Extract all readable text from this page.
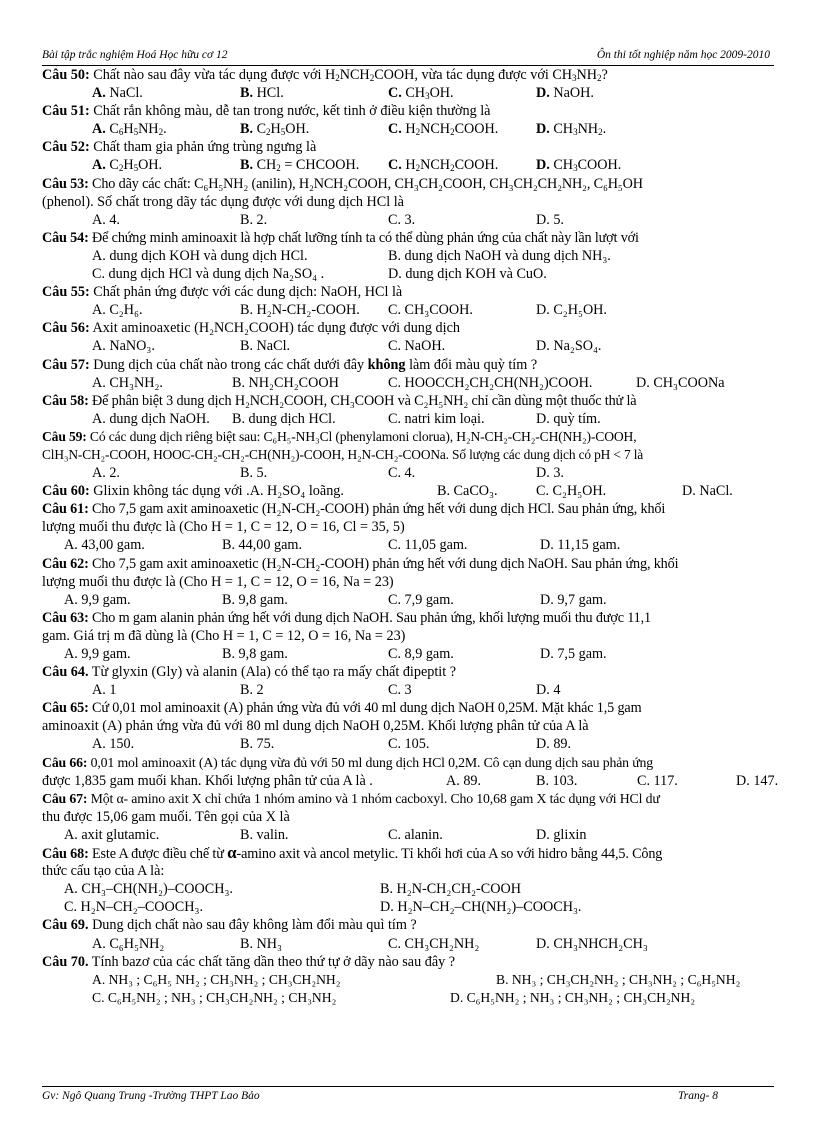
Bài tập trắc nghiệm Hoá Học hữu cơ 12	Ôn thi tốt nghiệp năm học 2009-2010
Câu 50: Chất nào sau đây vừa tác dụng được với $H_2NCH_2COOH$, vừa tác dụng được với $CH_3NH_2$?
A. NaCl.	B. HCl.	C. $CH_3OH$.	D. NaOH.
Câu 51: Chất rắn không màu, dễ tan trong nước, kết tinh ở điều kiện thường là
A. $C_6H_5NH_2$.	B. $C_2H_5OH$.	C. $H_2NCH_2COOH$.	D. $CH_3NH_2$.
Câu 52: Chất tham gia phản ứng trùng ngưng là
A. $C_2H_5OH$.	B. $CH_2$ = CHCOOH. C. $H_2NCH_2COOH$.	D. $CH_3COOH$.
Câu 53: Cho dãy các chất: C₆H₅NH₂ (anilin), H₂NCH₂COOH, CH₃CH₂COOH, CH₃CH₂CH₂NH₂, C₆H₅OH
(phenol). Số chất trong dãy tác dụng được với dung dịch HCl là
A. 4.	B. 2.	C. 3.	D. 5.
Câu 54: Để chứng minh aminoaxit là hợp chất lưỡng tính ta có thể dùng phản ứng của chất này lần lượt với
A. dung dịch KOH và dung dịch HCl.	B. dung dịch NaOH và dung dịch NH₃.
C. dung dịch HCl và dung dịch Na₂SO₄ .	D. dung dịch KOH và CuO.
Câu 55: Chất phản ứng được với các dung dịch: NaOH, HCl là
A. C₂H₆.	B. H₂N-CH₂-COOH. C. CH₃COOH.	D. C₂H₅OH.
Câu 56: Axit aminoaxetic (H₂NCH₂COOH) tác dụng được với dung dịch
A. NaNO₃.	B. NaCl.	C. NaOH.	D. Na₂SO₄.
Câu 57: Dung dịch của chất nào trong các chất dưới đây không làm đổi màu quỳ tím ?
A. CH₃NH₂.	B. NH₂CH₂COOH	C. HOOCCH₂CH₂CH(NH₂)COOH.	D. CH₃COONa
Câu 58: Để phân biệt 3 dung dịch H₂NCH₂COOH, CH₃COOH và C₂H₅NH₂ chỉ cần dùng một thuốc thử là
A. dung dịch NaOH. B. dung dịch HCl.	C. natri kim loại.	D. quỳ tím.
Câu 59: Có các dung dịch riêng biệt sau: C₆H₅-NH₃Cl (phenylamoni clorua), H₂N-CH₂-CH₂-CH(NH₂)-COOH,
ClH₃N-CH₂-COOH, HOOC-CH₂-CH₂-CH(NH₂)-COOH, H₂N-CH₂-COONa. Số lượng các dung dịch có pH < 7 là
A. 2.	B. 5.	C. 4.	D. 3.
Câu 60: Glixin không tác dụng với .A. H₂SO₄ loãng.	B. CaCO₃.	C. C₂H₅OH.	D. NaCl.
Câu 61: Cho 7,5 gam axit aminoaxetic (H₂N-CH₂-COOH) phản ứng hết với dung dịch HCl. Sau phản ứng, khối
lượng muối thu được là (Cho H = 1, C = 12, O = 16, Cl = 35, 5)
A. 43,00 gam.	B. 44,00 gam.	C. 11,05 gam.	D. 11,15 gam.
Câu 62: Cho 7,5 gam axit aminoaxetic (H₂N-CH₂-COOH) phản ứng hết với dung dịch NaOH. Sau phản ứng, khối
lượng muối thu được là (Cho H = 1, C = 12, O = 16, Na = 23)
A. 9,9 gam.	B. 9,8 gam.	C. 7,9 gam.	D. 9,7 gam.
Câu 63: Cho m gam alanin phản ứng hết với dung dịch NaOH. Sau phản ứng, khối lượng muối thu được 11,1
gam. Giá trị m đã dùng là (Cho H = 1, C = 12, O = 16, Na = 23)
A. 9,9 gam.	B. 9,8 gam.	C. 8,9 gam.	D. 7,5 gam.
Câu 64. Từ glyxin (Gly) và alanin (Ala) có thể tạo ra mấy chất đipeptit ?
A. 1	B. 2	C. 3	D. 4
Câu 65: Cứ 0,01 mol aminoaxit (A) phản ứng vừa đủ với 40 ml dung dịch NaOH 0,25M. Mặt khác 1,5 gam
aminoaxit (A) phản ứng vừa đủ với 80 ml dung dịch NaOH 0,25M. Khối lượng phân tử của A là
A. 150.	B. 75.	C. 105.	D. 89.
Câu 66: 0,01 mol aminoaxit (A) tác dụng vừa đủ với 50 ml dung dịch HCl 0,2M. Cô cạn dung dịch sau phản ứng
được 1,835 gam muối khan. Khối lượng phân tử của A là .	A. 89.	B. 103.	C. 117.	D. 147.
Câu 67: Một α- amino axit X chỉ chứa 1 nhóm amino và 1 nhóm cacboxyl. Cho 10,68 gam X tác dụng với HCl dư
thu được 15,06 gam muối. Tên gọi của X là
A. axit glutamic.	B. valin.	C. alanin.	D. glixin
Câu 68: Este A được điều chế từ α-amino axit và ancol metylic. Tỉ khối hơi của A so với hidro bằng 44,5. Công
thức cấu tạo của A là:
A. CH₃–CH(NH₂)–COOCH₃.	B. H₂N-CH₂CH₂-COOH
C. H₂N–CH₂–COOCH₃.	D. H₂N–CH₂–CH(NH₂)–COOCH₃.
Câu 69. Dung dịch chất nào sau đây không làm đổi màu quì tím ?
A. C₆H₅NH₂	B. NH₃	C. CH₃CH₂NH₂	D. CH₃NHCH₂CH₃
Câu 70. Tính bazơ của các chất tăng dần theo thứ tự ở dãy nào sau đây ?
A. NH₃ ; C₆H₅ NH₂ ; CH₃NH₂ ; CH₃CH₂NH₂	B. NH₃ ; CH₃CH₂NH₂ ; CH₃NH₂ ; C₆H₅NH₂
C. C₆H₅NH₂ ; NH₃ ; CH₃CH₂NH₂ ; CH₃NH₂	D. C₆H₅NH₂ ; NH₃ ; CH₃NH₂ ; CH₃CH₂NH₂
Gv: Ngô Quang Trung -Trường THPT Lao Bảo	Trang- 8
